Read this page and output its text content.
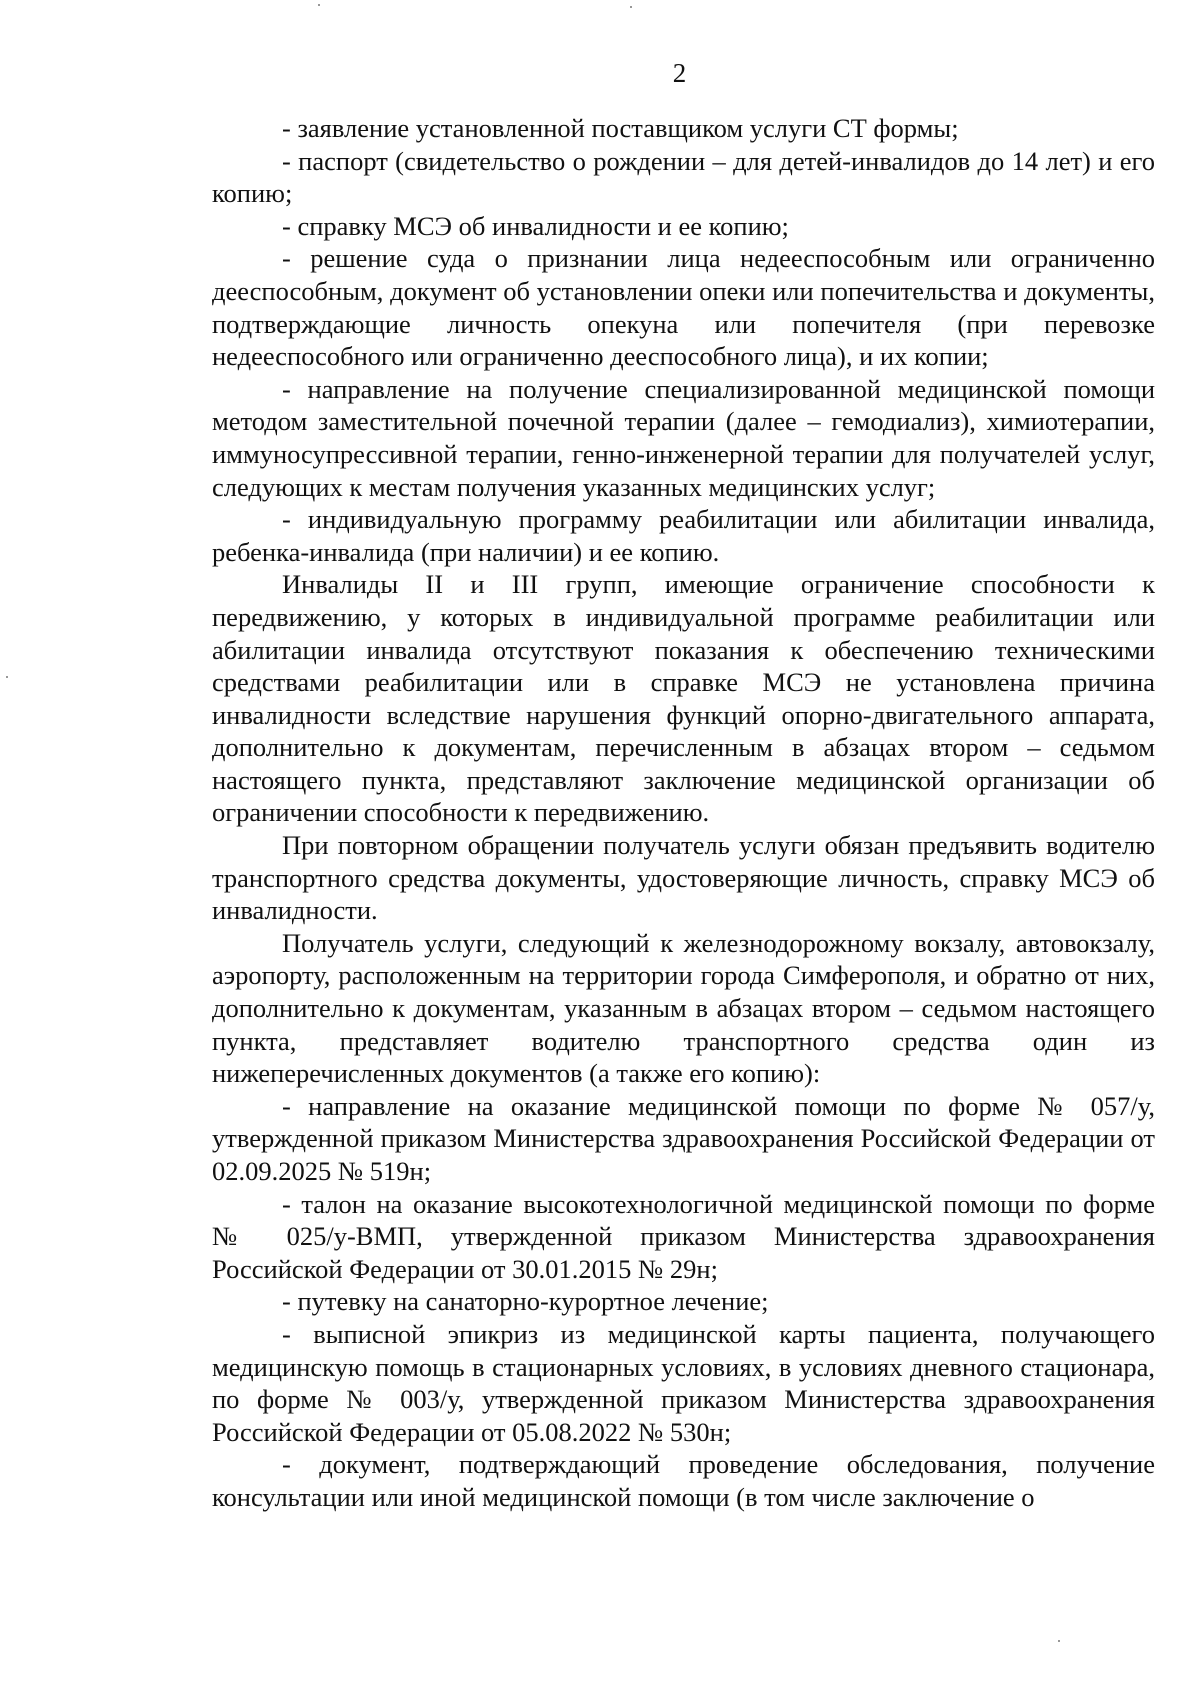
2

- заявление установленной поставщиком услуги СТ формы;

- паспорт (свидетельство о рождении – для детей-инвалидов до 14 лет) и его копию;

- справку МСЭ об инвалидности и ее копию;

- решение суда о признании лица недееспособным или ограниченно дееспособным, документ об установлении опеки или попечительства и документы, подтверждающие личность опекуна или попечителя (при перевозке недееспособного или ограниченно дееспособного лица), и их копии;

- направление на получение специализированной медицинской помощи методом заместительной почечной терапии (далее – гемодиализ), химиотерапии, иммуносупрессивной терапии, генно-инженерной терапии для получателей услуг, следующих к местам получения указанных медицинских услуг;

- индивидуальную программу реабилитации или абилитации инвалида, ребенка-инвалида (при наличии) и ее копию.

Инвалиды II и III групп, имеющие ограничение способности к передвижению, у которых в индивидуальной программе реабилитации или абилитации инвалида отсутствуют показания к обеспечению техническими средствами реабилитации или в справке МСЭ не установлена причина инвалидности вследствие нарушения функций опорно-двигательного аппарата, дополнительно к документам, перечисленным в абзацах втором – седьмом настоящего пункта, представляют заключение медицинской организации об ограничении способности к передвижению.

При повторном обращении получатель услуги обязан предъявить водителю транспортного средства документы, удостоверяющие личность, справку МСЭ об инвалидности.

Получатель услуги, следующий к железнодорожному вокзалу, автовокзалу, аэропорту, расположенным на территории города Симферополя, и обратно от них, дополнительно к документам, указанным в абзацах втором – седьмом настоящего пункта, представляет водителю транспортного средства один из нижеперечисленных документов (а также его копию):

- направление на оказание медицинской помощи по форме № 057/у, утвержденной приказом Министерства здравоохранения Российской Федерации от 02.09.2025 № 519н;

- талон на оказание высокотехнологичной медицинской помощи по форме № 025/у-ВМП, утвержденной приказом Министерства здравоохранения Российской Федерации от 30.01.2015 № 29н;

- путевку на санаторно-курортное лечение;

- выписной эпикриз из медицинской карты пациента, получающего медицинскую помощь в стационарных условиях, в условиях дневного стационара, по форме № 003/у, утвержденной приказом Министерства здравоохранения Российской Федерации от 05.08.2022 № 530н;

- документ, подтверждающий проведение обследования, получение консультации или иной медицинской помощи (в том числе заключение о
